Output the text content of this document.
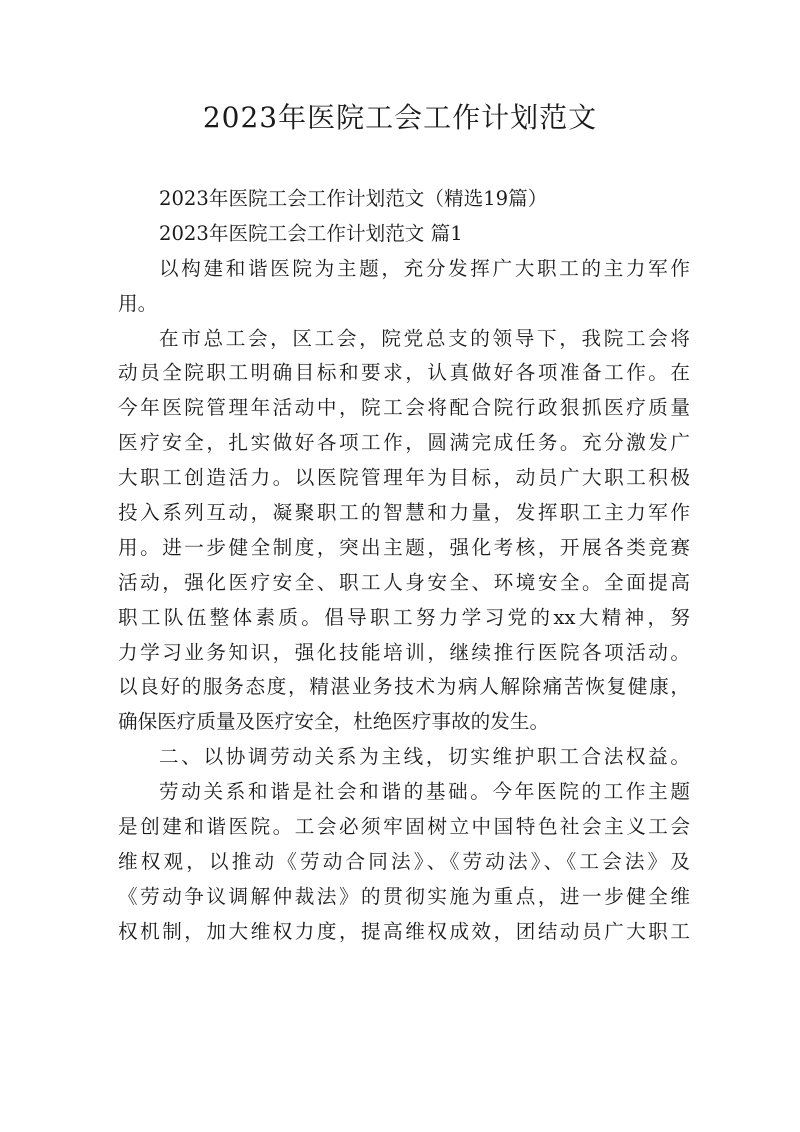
2023年医院工会工作计划范文
2023年医院工会工作计划范文（精选19篇）
2023年医院工会工作计划范文 篇1
以构建和谐医院为主题，充分发挥广大职工的主力军作
用。
在市总工会，区工会，院党总支的领导下，我院工会将
动员全院职工明确目标和要求，认真做好各项准备工作。在
今年医院管理年活动中，院工会将配合院行政狠抓医疗质量
医疗安全，扎实做好各项工作，圆满完成任务。充分激发广
大职工创造活力。以医院管理年为目标，动员广大职工积极
投入系列互动，凝聚职工的智慧和力量，发挥职工主力军作
用。进一步健全制度，突出主题，强化考核，开展各类竞赛
活动，强化医疗安全、职工人身安全、环境安全。全面提高
职工队伍整体素质。倡导职工努力学习党的xx大精神，努
力学习业务知识，强化技能培训，继续推行医院各项活动。
以良好的服务态度，精湛业务技术为病人解除痛苦恢复健康，
确保医疗质量及医疗安全，杜绝医疗事故的发生。
二、以协调劳动关系为主线，切实维护职工合法权益。
劳动关系和谐是社会和谐的基础。今年医院的工作主题
是创建和谐医院。工会必须牢固树立中国特色社会主义工会
维权观，以推动《劳动合同法》、《劳动法》、《工会法》及
《劳动争议调解仲裁法》的贯彻实施为重点，进一步健全维
权机制，加大维权力度，提高维权成效，团结动员广大职工
